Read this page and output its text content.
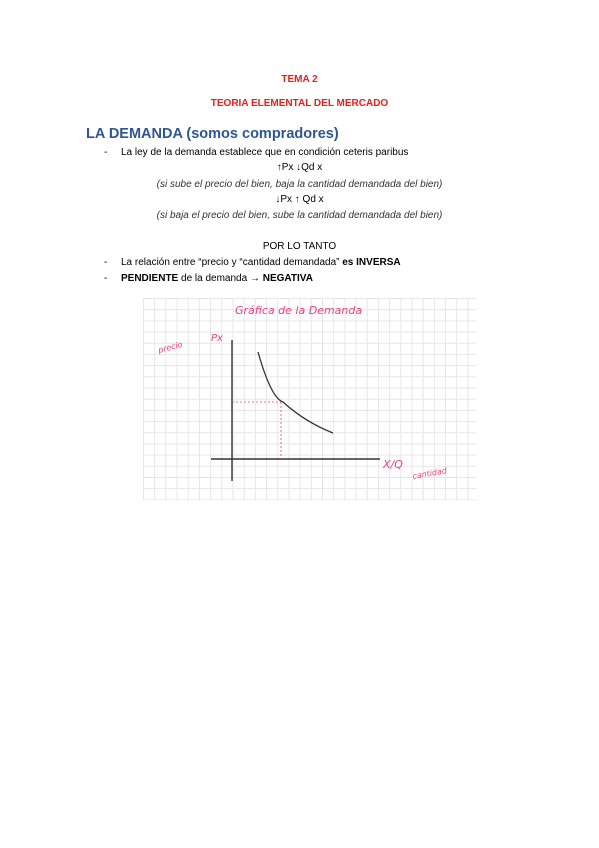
TEMA 2
TEORIA ELEMENTAL DEL MERCADO
LA DEMANDA (somos compradores)
- La ley de la demanda establece que en condición ceteris paribus
↑Px ↓Qd x
(si sube el precio del bien, baja la cantidad demandada del bien)
↓Px ↑ Qd x
(si baja el precio del bien, sube la cantidad demandada del bien)
POR LO TANTO
- La relación entre “precio y “cantidad demandada” es INVERSA
- PENDIENTE de la demanda → NEGATIVA
Gráfica de la Demanda
precio
Px
X/Q
cantidad
